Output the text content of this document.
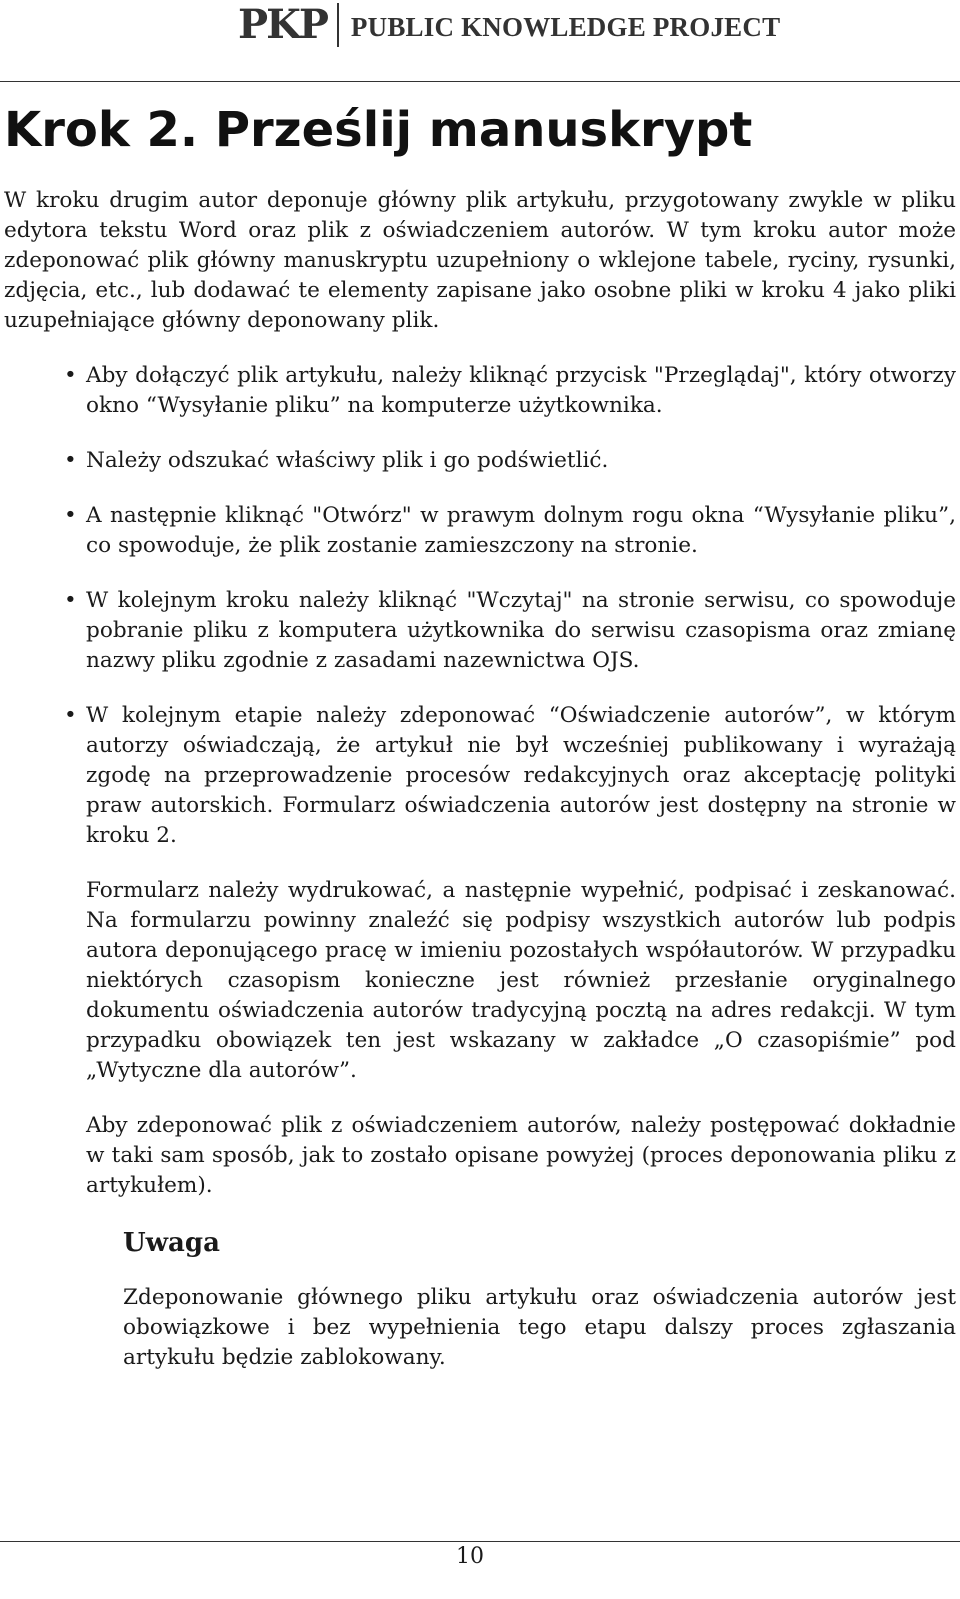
PKP PUBLIC KNOWLEDGE PROJECT
Krok 2. Prześlij manuskrypt

W kroku drugim autor deponuje główny plik artykułu, przygotowany zwykle w pliku edytora tekstu Word oraz plik z oświadczeniem autorów. W tym kroku autor może zdeponować plik główny manuskryptu uzupełniony o wklejone tabele, ryciny, rysunki, zdjęcia, etc., lub dodawać te elementy zapisane jako osobne pliki w kroku 4 jako pliki uzupełniające główny deponowany plik.

• Aby dołączyć plik artykułu, należy kliknąć przycisk "Przeglądaj", który otworzy okno “Wysyłanie pliku” na komputerze użytkownika.
• Należy odszukać właściwy plik i go podświetlić.
• A następnie kliknąć "Otwórz" w prawym dolnym rogu okna “Wysyłanie pliku”, co spowoduje, że plik zostanie zamieszczony na stronie.
• W kolejnym kroku należy kliknąć "Wczytaj" na stronie serwisu, co spowoduje pobranie pliku z komputera użytkownika do serwisu czasopisma oraz zmianę nazwy pliku zgodnie z zasadami nazewnictwa OJS.
• W kolejnym etapie należy zdeponować “Oświadczenie autorów”, w którym autorzy oświadczają, że artykuł nie był wcześniej publikowany i wyrażają zgodę na przeprowadzenie procesów redakcyjnych oraz akceptację polityki praw autorskich. Formularz oświadczenia autorów jest dostępny na stronie w kroku 2.

Formularz należy wydrukować, a następnie wypełnić, podpisać i zeskanować. Na formularzu powinny znaleźć się podpisy wszystkich autorów lub podpis autora deponującego pracę w imieniu pozostałych współautorów. W przypadku niektórych czasopism konieczne jest również przesłanie oryginalnego dokumentu oświadczenia autorów tradycyjną pocztą na adres redakcji. W tym przypadku obowiązek ten jest wskazany w zakładce „O czasopiśmie” pod „Wytyczne dla autorów”.

Aby zdeponować plik z oświadczeniem autorów, należy postępować dokładnie w taki sam sposób, jak to zostało opisane powyżej (proces deponowania pliku z artykułem).

Uwaga

Zdeponowanie głównego pliku artykułu oraz oświadczenia autorów jest obowiązkowe i bez wypełnienia tego etapu dalszy proces zgłaszania artykułu będzie zablokowany.

10
